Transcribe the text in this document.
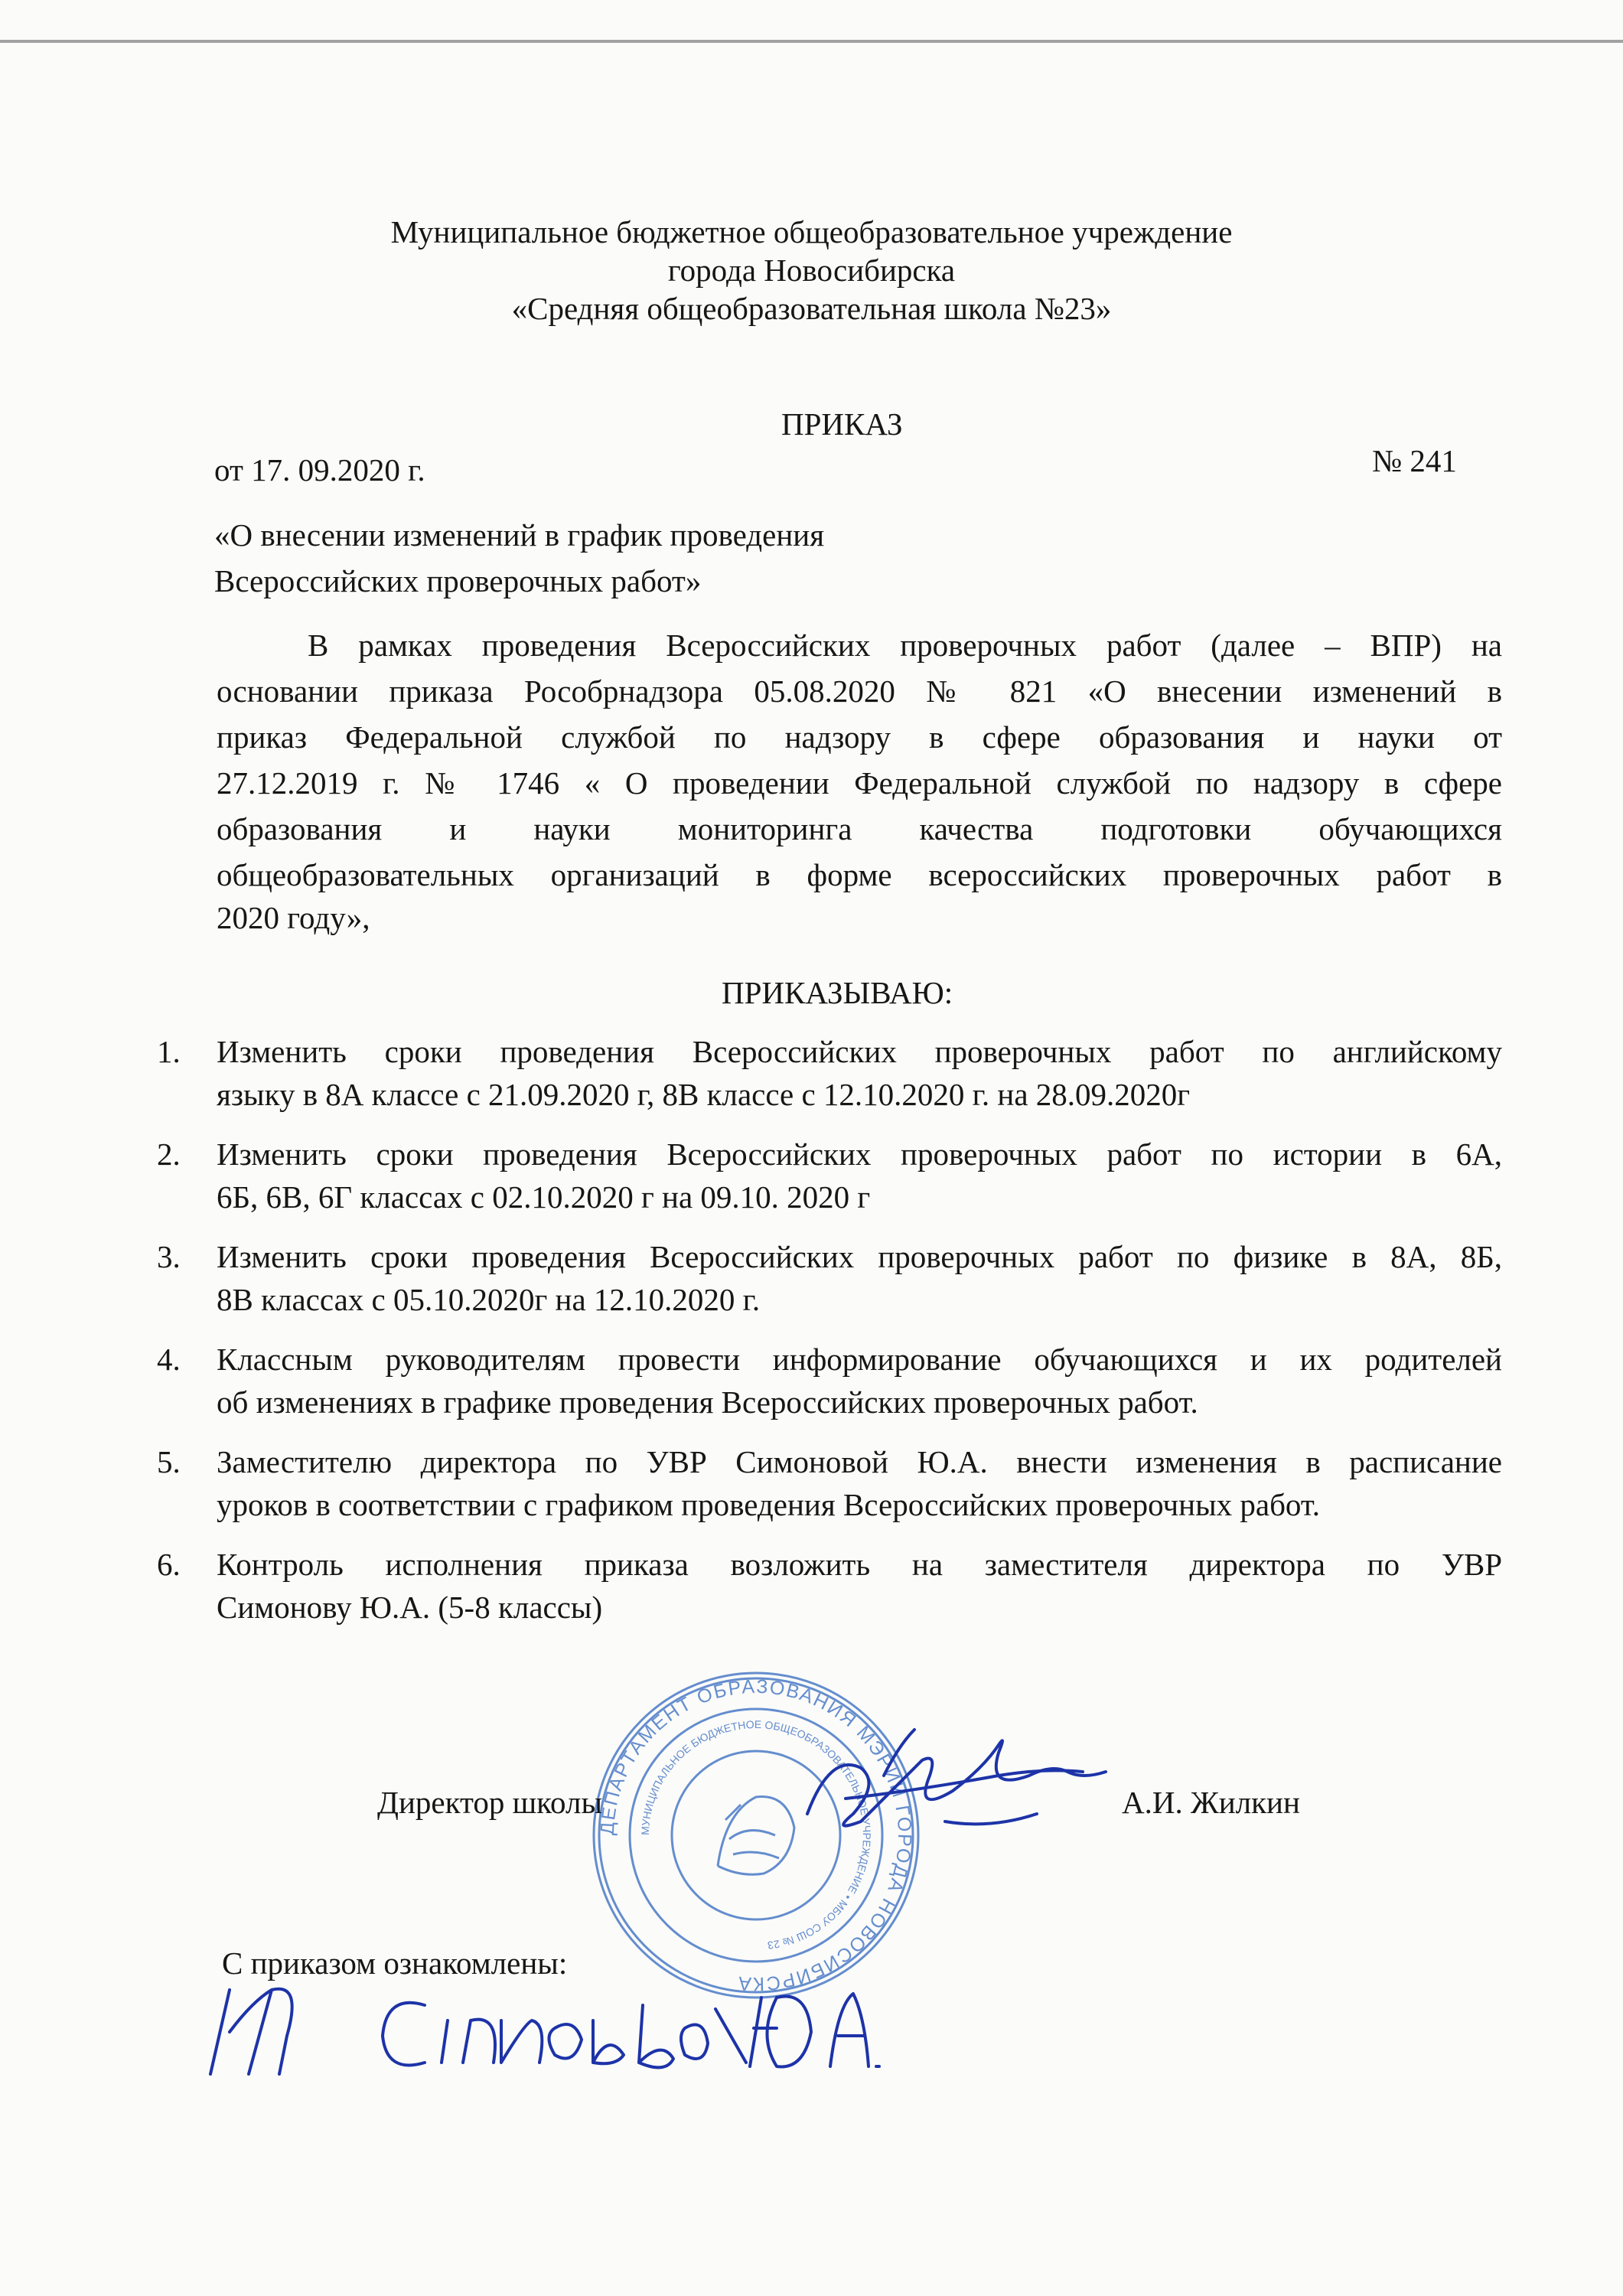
Муниципальное бюджетное общеобразовательное учреждение
города Новосибирска
«Средняя общеобразовательная школа №23»
ПРИКАЗ
от 17. 09.2020 г.	№ 241
«О внесении изменений в график проведения
Всероссийских проверочных работ»
В рамках проведения Всероссийских проверочных работ (далее – ВПР) на
основании приказа Рособрнадзора 05.08.2020 № 821 «О внесении изменений в
приказ Федеральной службой по надзору в сфере образования и науки от
27.12.2019 г. № 1746 « О проведении Федеральной службой по надзору в сфере
образования и науки мониторинга качества подготовки обучающихся
общеобразовательных организаций в форме всероссийских проверочных работ в
2020 году»,
ПРИКАЗЫВАЮ:
1. Изменить сроки проведения Всероссийских проверочных работ по английскому
языку в 8А классе с 21.09.2020 г, 8В классе с 12.10.2020 г. на 28.09.2020г
2. Изменить сроки проведения Всероссийских проверочных работ по истории в 6А,
6Б, 6В, 6Г классах с 02.10.2020 г на 09.10. 2020 г
3. Изменить сроки проведения Всероссийских проверочных работ по физике в 8А, 8Б,
8В классах с 05.10.2020г на 12.10.2020 г.
4. Классным руководителям провести информирование обучающихся и их родителей
об изменениях в графике проведения Всероссийских проверочных работ.
5. Заместителю директора по УВР Симоновой Ю.А. внести изменения в расписание
уроков в соответствии с графиком проведения Всероссийских проверочных работ.
6. Контроль исполнения приказа возложить на заместителя директора по УВР
Симонову Ю.А. (5-8 классы)
ДЕПАРТАМЕНТ ОБРАЗОВАНИЯ МЭРИИ ГОРОДА НОВОСИБИРСКА
МУНИЦИПАЛЬНОЕ БЮДЖЕТНОЕ ОБЩЕОБРАЗОВАТЕЛЬНОЕ УЧРЕЖДЕНИЕ • МБОУ СОШ № 23
Директор школы	А.И. Жилкин
С приказом ознакомлены:
